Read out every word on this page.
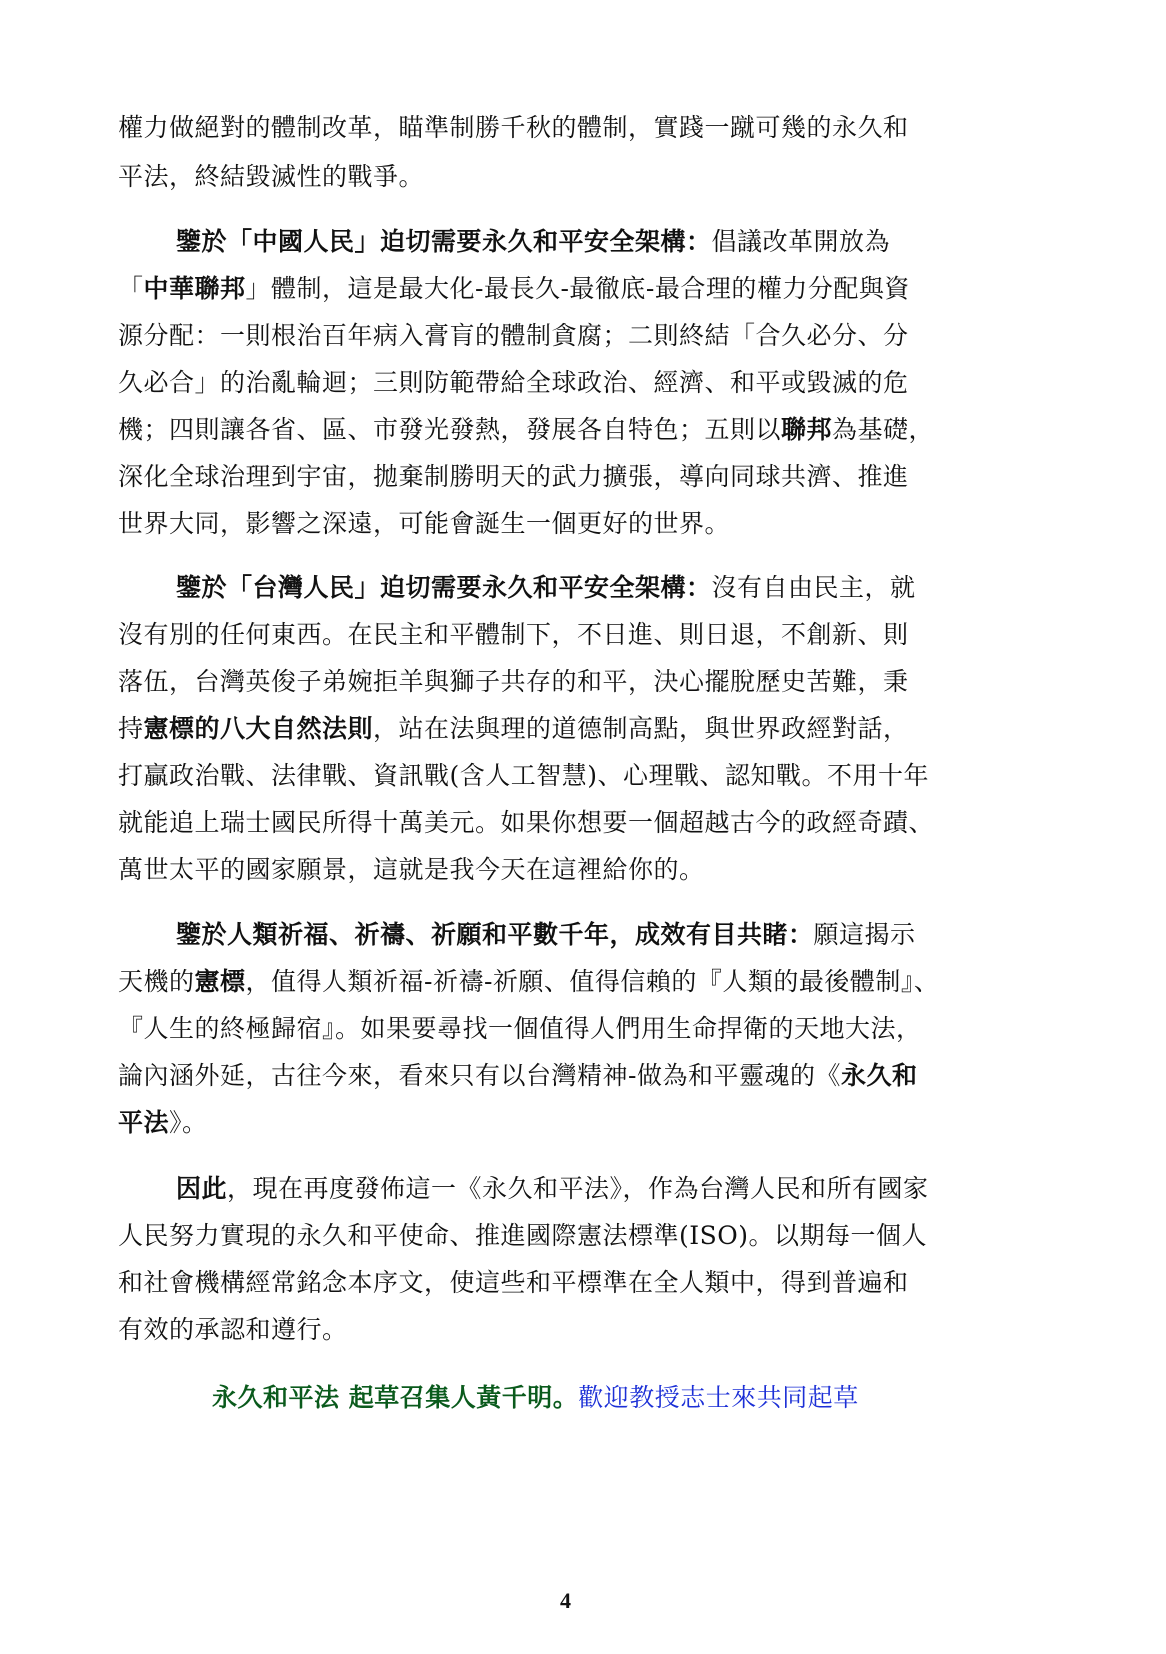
權力做絕對的體制改革，瞄準制勝千秋的體制，實踐一蹴可幾的永久和
平法，終結毀滅性的戰爭。
鑒於「中國人民」迫切需要永久和平安全架構：倡議改革開放為
「中華聯邦」體制，這是最大化-最長久-最徹底-最合理的權力分配與資
源分配：一則根治百年病入膏肓的體制貪腐；二則終結「合久必分、分
久必合」的治亂輪迴；三則防範帶給全球政治、經濟、和平或毀滅的危
機；四則讓各省、區、市發光發熱，發展各自特色；五則以聯邦為基礎，
深化全球治理到宇宙，拋棄制勝明天的武力擴張，導向同球共濟、推進
世界大同，影響之深遠，可能會誕生一個更好的世界。
鑒於「台灣人民」迫切需要永久和平安全架構：沒有自由民主，就
沒有別的任何東西。在民主和平體制下，不日進、則日退，不創新、則
落伍，台灣英俊子弟婉拒羊與獅子共存的和平，決心擺脫歷史苦難，秉
持憲標的八大自然法則，站在法與理的道德制高點，與世界政經對話，
打贏政治戰、法律戰、資訊戰(含人工智慧)、心理戰、認知戰。不用十年
就能追上瑞士國民所得十萬美元。如果你想要一個超越古今的政經奇蹟、
萬世太平的國家願景，這就是我今天在這裡給你的。
鑒於人類祈福、祈禱、祈願和平數千年，成效有目共睹：願這揭示
天機的憲標，值得人類祈福-祈禱-祈願、值得信賴的『人類的最後體制』、
『人生的終極歸宿』。如果要尋找一個值得人們用生命捍衛的天地大法，
論內涵外延，古往今來，看來只有以台灣精神-做為和平靈魂的《永久和
平法》。
因此，現在再度發佈這一《永久和平法》，作為台灣人民和所有國家
人民努力實現的永久和平使命、推進國際憲法標準(ISO)。以期每一個人
和社會機構經常銘念本序文，使這些和平標準在全人類中，得到普遍和
有效的承認和遵行。
永久和平法 起草召集人黃千明。歡迎教授志士來共同起草
4
